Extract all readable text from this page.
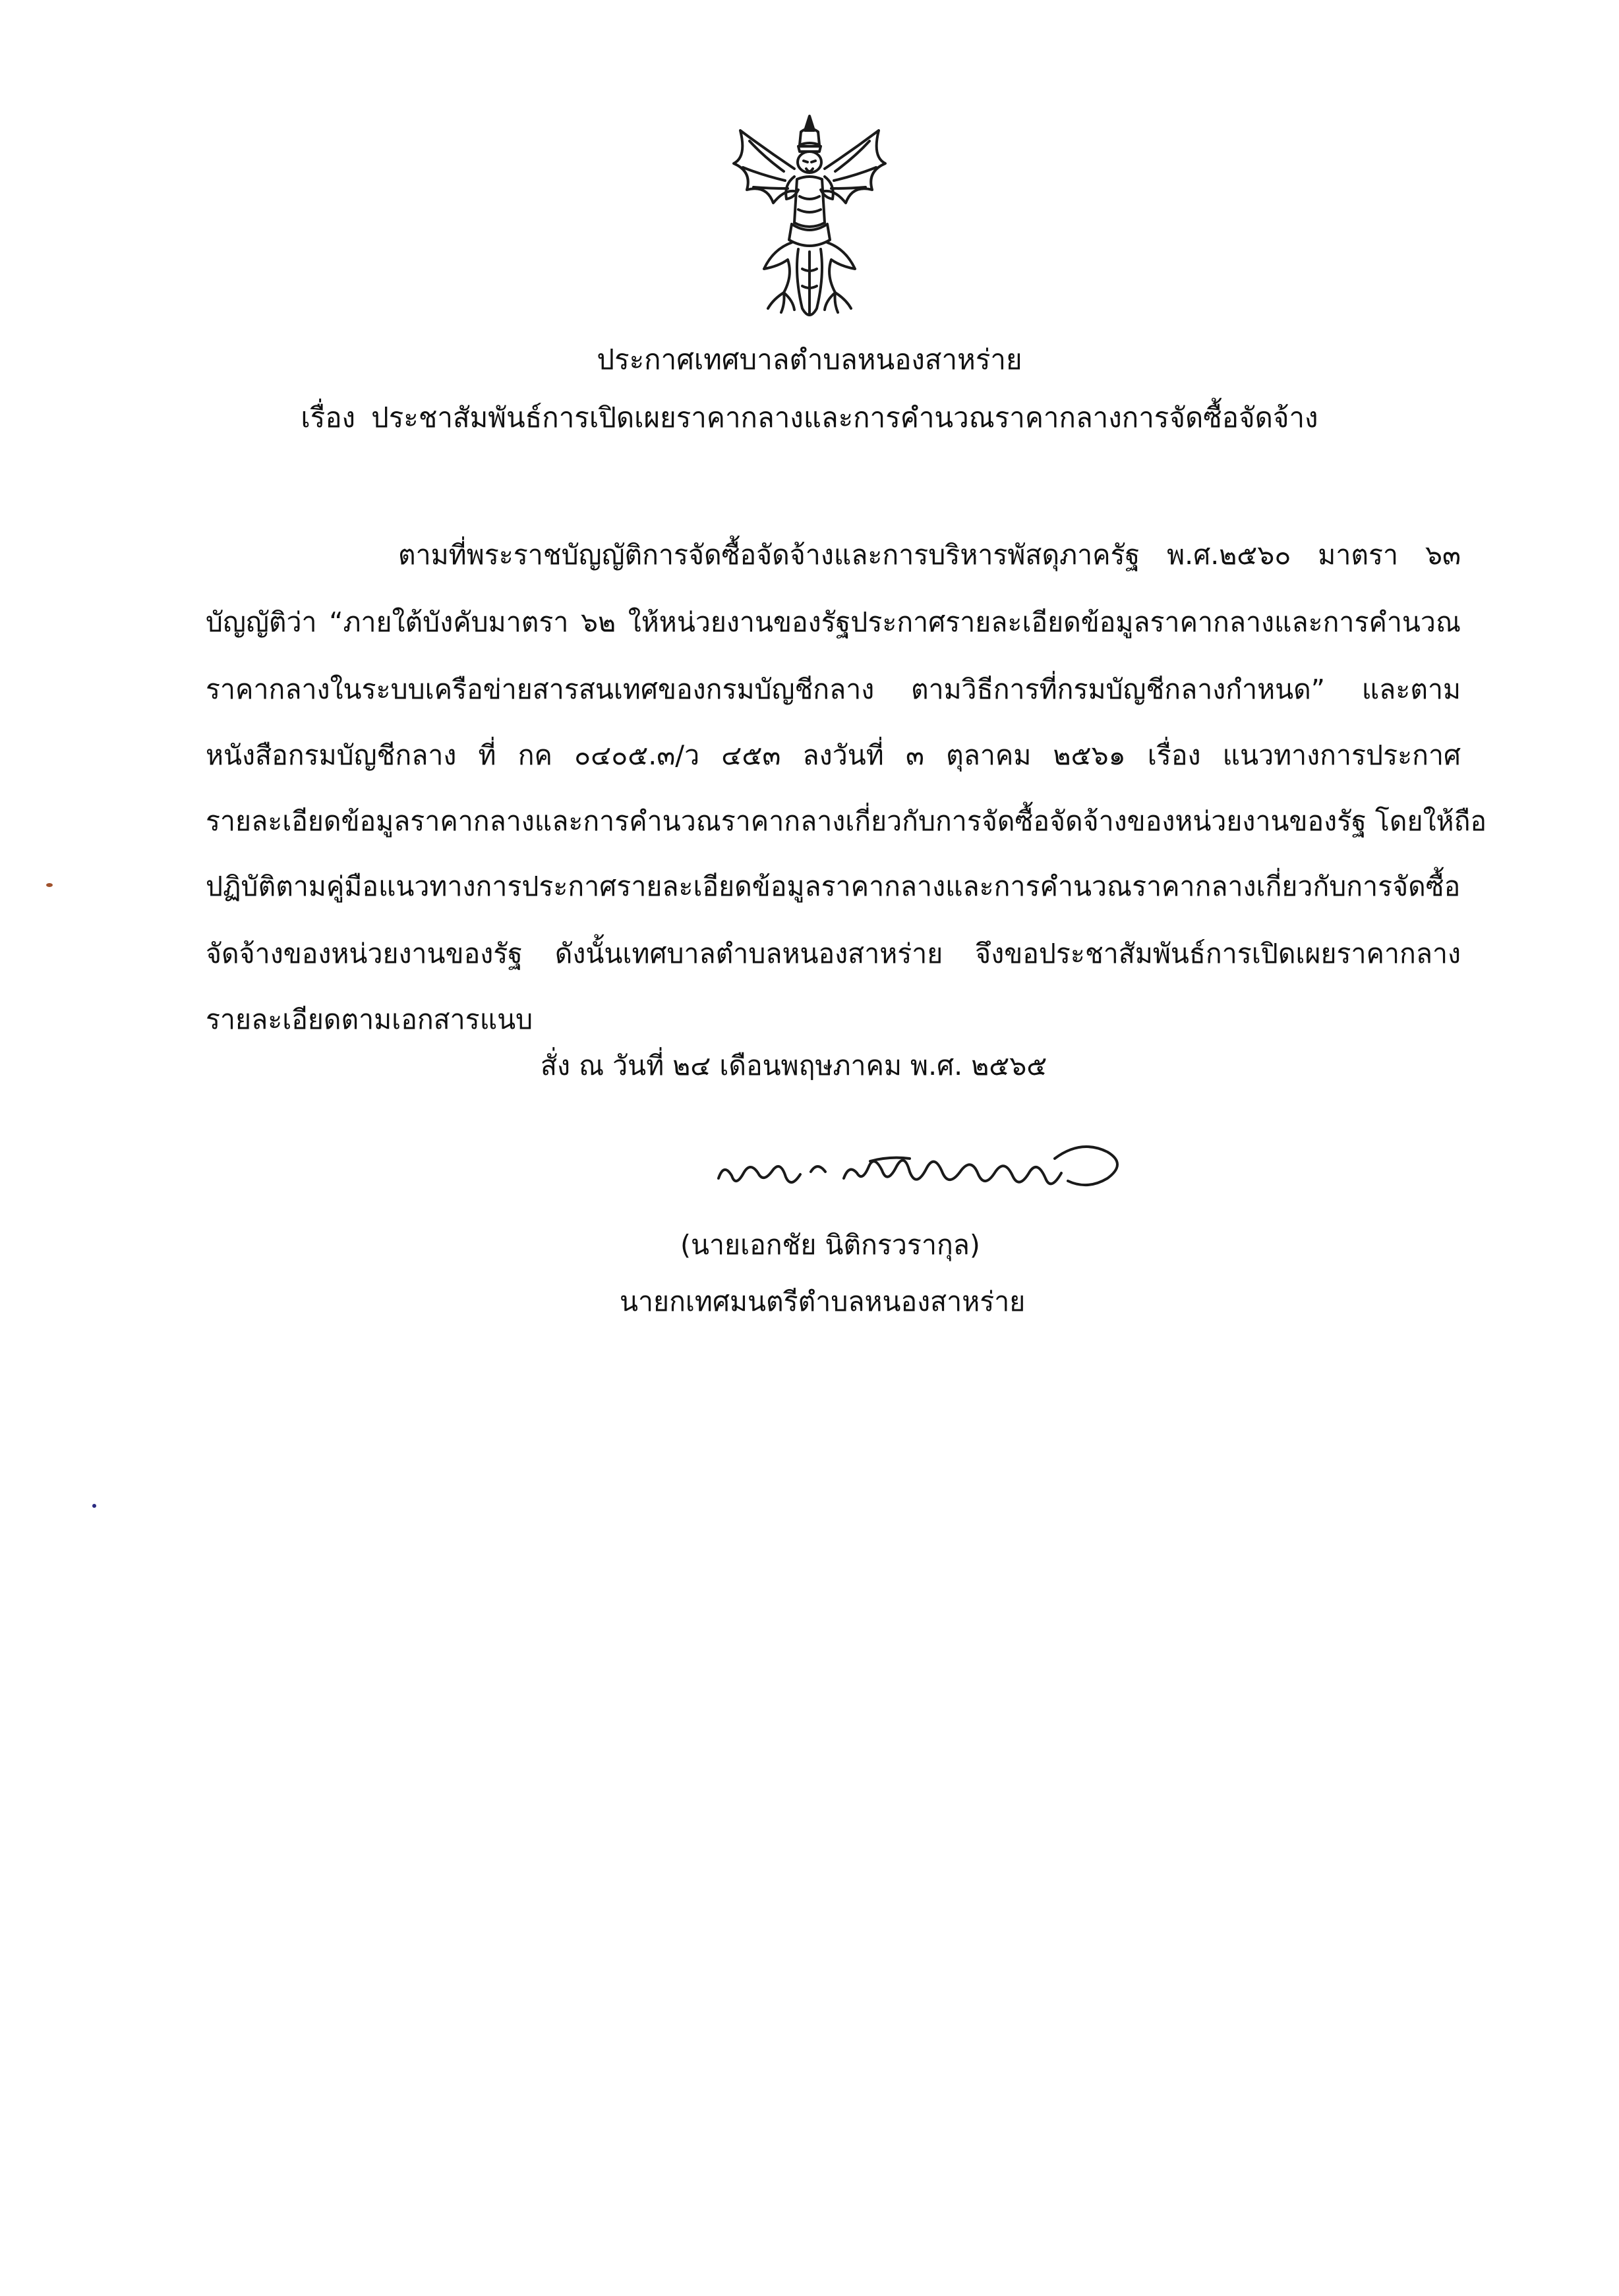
ประกาศเทศบาลตำบลหนองสาหร่าย
เรื่อง ประชาสัมพันธ์การเปิดเผยราคากลางและการคำนวณราคากลางการจัดซื้อจัดจ้าง
ตามที่พระราชบัญญัติการจัดซื้อจัดจ้างและการบริหารพัสดุภาครัฐ พ.ศ.๒๕๖๐ มาตรา ๖๓
บัญญัติว่า “ภายใต้บังคับมาตรา ๖๒ ให้หน่วยงานของรัฐประกาศรายละเอียดข้อมูลราคากลางและการคำนวณ
ราคากลางในระบบเครือข่ายสารสนเทศของกรมบัญชีกลาง ตามวิธีการที่กรมบัญชีกลางกำหนด” และตาม
หนังสือกรมบัญชีกลาง ที่ กค ๐๔๐๕.๓/ว ๔๕๓ ลงวันที่ ๓ ตุลาคม ๒๕๖๑ เรื่อง แนวทางการประกาศ
รายละเอียดข้อมูลราคากลางและการคำนวณราคากลางเกี่ยวกับการจัดซื้อจัดจ้างของหน่วยงานของรัฐ โดยให้ถือ
ปฏิบัติตามคู่มือแนวทางการประกาศรายละเอียดข้อมูลราคากลางและการคำนวณราคากลางเกี่ยวกับการจัดซื้อ
จัดจ้างของหน่วยงานของรัฐ ดังนั้นเทศบาลตำบลหนองสาหร่าย จึงขอประชาสัมพันธ์การเปิดเผยราคากลาง
รายละเอียดตามเอกสารแนบ
สั่ง ณ วันที่ ๒๔ เดือนพฤษภาคม พ.ศ. ๒๕๖๕
(นายเอกชัย นิติกรวรากุล)
นายกเทศมนตรีตำบลหนองสาหร่าย
